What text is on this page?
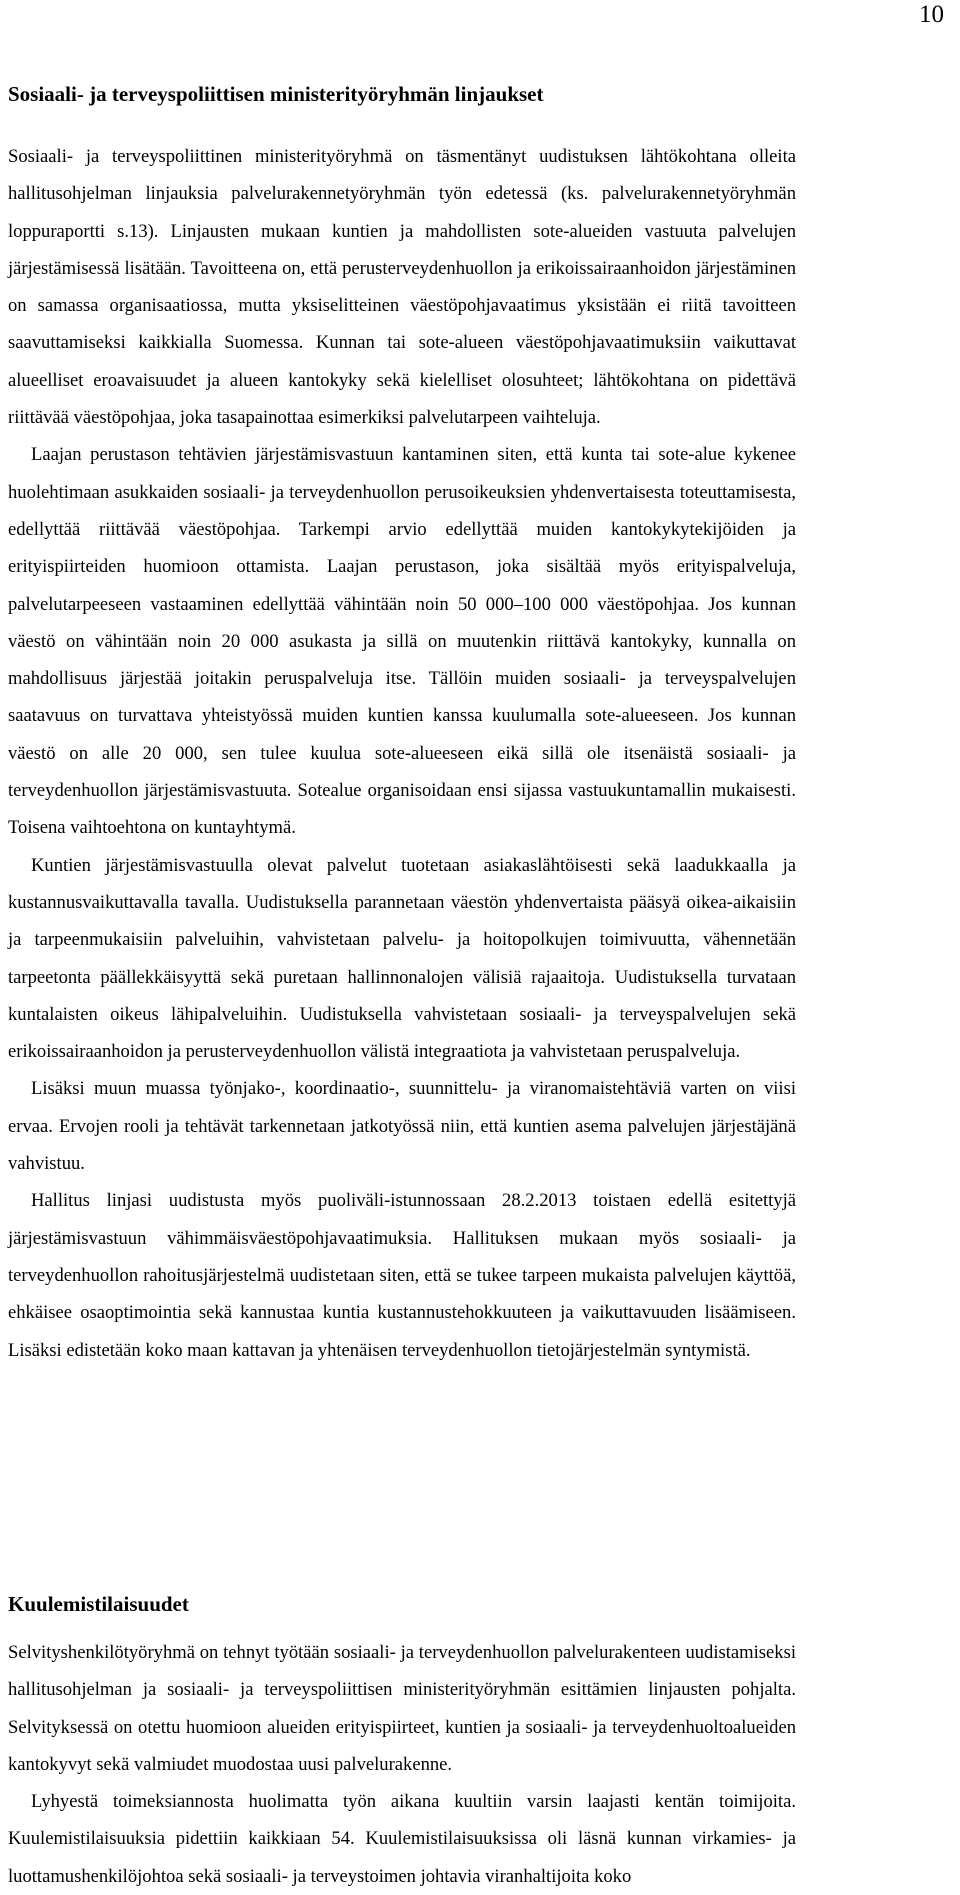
10
Sosiaali- ja terveyspoliittisen ministerityöryhmän linjaukset

Sosiaali- ja terveyspoliittinen ministerityöryhmä on täsmentänyt uudistuksen lähtökohtana olleita hallitusohjelman linjauksia palvelurakennetyöryhmän työn edetessä (ks. palvelurakennetyöryhmän loppuraportti s.13). Linjausten mukaan kuntien ja mahdollisten sote-alueiden vastuuta palvelujen järjestämisessä lisätään. Tavoitteena on, että perusterveydenhuollon ja erikoissairaanhoidon järjestäminen on samassa organisaatiossa, mutta yksiselitteinen väestöpohjavaatimus yksistään ei riitä tavoitteen saavuttamiseksi kaikkialla Suomessa. Kunnan tai sote-alueen väestöpohjavaatimuksiin vaikuttavat alueelliset eroavaisuudet ja alueen kantokyky sekä kielelliset olosuhteet; lähtökohtana on pidettävä riittävää väestöpohjaa, joka tasapainottaa esimerkiksi palvelutarpeen vaihteluja.

Laajan perustason tehtävien järjestämisvastuun kantaminen siten, että kunta tai sote-alue kykenee huolehtimaan asukkaiden sosiaali- ja terveydenhuollon perusoikeuksien yhdenvertaisesta toteuttamisesta, edellyttää riittävää väestöpohjaa. Tarkempi arvio edellyttää muiden kantokykytekijöiden ja erityispiirteiden huomioon ottamista. Laajan perustason, joka sisältää myös erityispalveluja, palvelutarpeeseen vastaaminen edellyttää vähintään noin 50 000–100 000 väestöpohjaa. Jos kunnan väestö on vähintään noin 20 000 asukasta ja sillä on muutenkin riittävä kantokyky, kunnalla on mahdollisuus järjestää joitakin peruspalveluja itse. Tällöin muiden sosiaali- ja terveyspalvelujen saatavuus on turvattava yhteistyössä muiden kuntien kanssa kuulumalla sote-alueeseen. Jos kunnan väestö on alle 20 000, sen tulee kuulua sote-alueeseen eikä sillä ole itsenäistä sosiaali- ja terveydenhuollon järjestämisvastuuta. Sotealue organisoidaan ensi sijassa vastuukuntamallin mukaisesti. Toisena vaihtoehtona on kuntayhtymä.

Kuntien järjestämisvastuulla olevat palvelut tuotetaan asiakaslähtöisesti sekä laadukkaalla ja kustannusvaikuttavalla tavalla. Uudistuksella parannetaan väestön yhdenvertaista pääsyä oikea-aikaisiin ja tarpeenmukaisiin palveluihin, vahvistetaan palvelu- ja hoitopolkujen toimivuutta, vähennetään tarpeetonta päällekkäisyyttä sekä puretaan hallinnonalojen välisiä rajaaitoja. Uudistuksella turvataan kuntalaisten oikeus lähipalveluihin. Uudistuksella vahvistetaan sosiaali- ja terveyspalvelujen sekä erikoissairaanhoidon ja perusterveydenhuollon välistä integraatiota ja vahvistetaan peruspalveluja.

Lisäksi muun muassa työnjako-, koordinaatio-, suunnittelu- ja viranomaistehtäviä varten on viisi ervaa. Ervojen rooli ja tehtävät tarkennetaan jatkotyössä niin, että kuntien asema palvelujen järjestäjänä vahvistuu.

Hallitus linjasi uudistusta myös puoliväli-istunnossaan 28.2.2013 toistaen edellä esitettyjä järjestämisvastuun vähimmäisväestöpohjavaatimuksia. Hallituksen mukaan myös sosiaali- ja terveydenhuollon rahoitusjärjestelmä uudistetaan siten, että se tukee tarpeen mukaista palvelujen käyttöä, ehkäisee osaoptimointia sekä kannustaa kuntia kustannustehokkuuteen ja vaikuttavuuden lisäämiseen. Lisäksi edistetään koko maan kattavan ja yhtenäisen terveydenhuollon tietojärjestelmän syntymistä.

Kuulemistilaisuudet

Selvityshenkilötyöryhmä on tehnyt työtään sosiaali- ja terveydenhuollon palvelurakenteen uudistamiseksi hallitusohjelman ja sosiaali- ja terveyspoliittisen ministerityöryhmän esittämien linjausten pohjalta. Selvityksessä on otettu huomioon alueiden erityispiirteet, kuntien ja sosiaali- ja terveydenhuoltoalueiden kantokyvyt sekä valmiudet muodostaa uusi palvelurakenne.

Lyhyestä toimeksiannosta huolimatta työn aikana kuultiin varsin laajasti kentän toimijoita. Kuulemistilaisuuksia pidettiin kaikkiaan 54. Kuulemistilaisuuksissa oli läsnä kunnan virkamies- ja luottamushenkilöjohtoa sekä sosiaali- ja terveystoimen johtavia viranhaltijoita koko
